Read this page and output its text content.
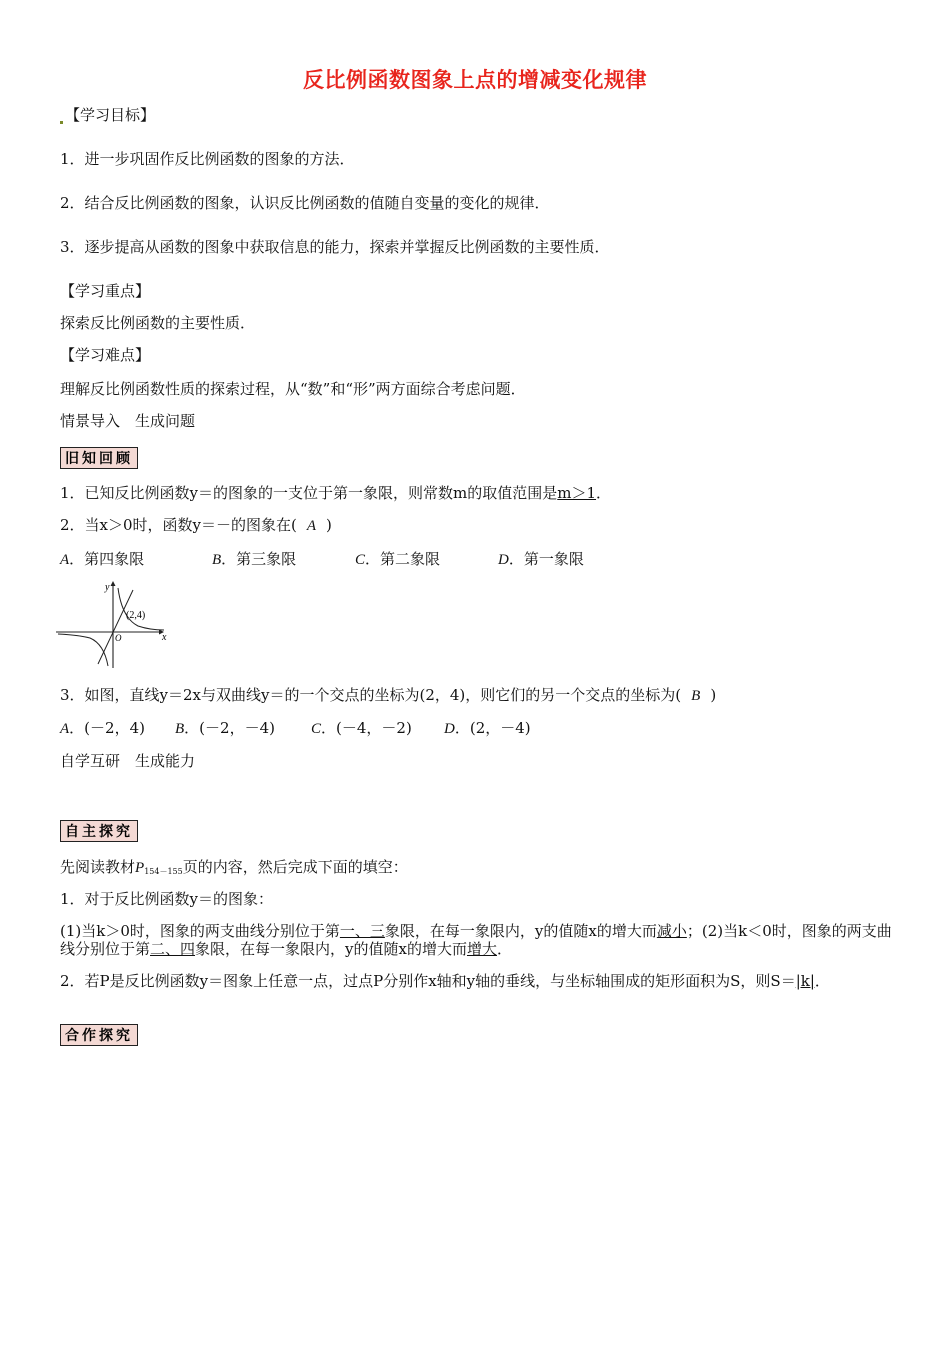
反比例函数图象上点的增减变化规律
【学习目标】
1．进一步巩固作反比例函数的图象的方法．
2．结合反比例函数的图象，认识反比例函数的值随自变量的变化的规律．
3．逐步提高从函数的图象中获取信息的能力，探索并掌握反比例函数的主要性质．
【学习重点】
探索反比例函数的主要性质．
【学习难点】
理解反比例函数性质的探索过程，从“数”和“形”两方面综合考虑问题．
情景导入　生成问题
旧知回顾
1．已知反比例函数y＝的图象的一支位于第一象限，则常数m的取值范围是m＞1．
2．当x＞0时，函数y＝－的图象在( A )
A．第四象限	B．第三象限	C．第二象限	D．第一象限
y
x
O
(2,4)
3．如图，直线y＝2x与双曲线y＝的一个交点的坐标为(2，4)，则它们的另一个交点的坐标为( B )
A．(－2，4) B．(－2，－4) C．(－4，－2) D．(2，－4)
自学互研　生成能力
自主探究
先阅读教材$P_{154-155}$页的内容，然后完成下面的填空：
1．对于反比例函数y＝的图象：
(1)当k＞0时，图象的两支曲线分别位于第一、三象限，在每一象限内，y的值随x的增大而减小；(2)当k＜0时，图象的两支曲线分别位于第二、四象限，在每一象限内，y的值随x的增大而增大．
2．若P是反比例函数y＝图象上任意一点，过点P分别作x轴和y轴的垂线，与坐标轴围成的矩形面积为S，则S＝|k|．
合作探究
